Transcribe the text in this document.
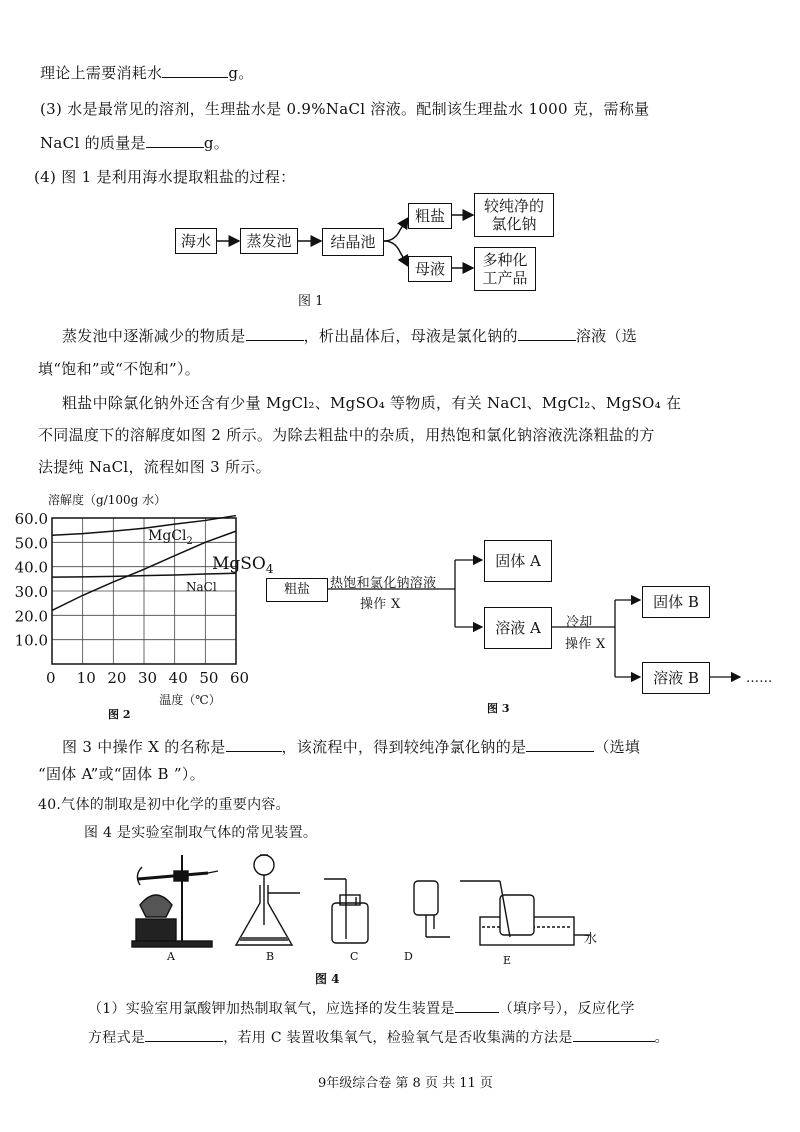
理论上需要消耗水	g。
(3) 水是最常见的溶剂，生理盐水是 0.9%NaCl 溶液。配制该生理盐水 1000 克，需称量
NaCl 的质量是	g。
(4) 图 1 是利用海水提取粗盐的过程：
海水	蒸发池	结晶池
粗盐
母液
较纯净的
氯化钠
多种化
工产品
图 1
蒸发池中逐渐减少的物质是	，析出晶体后，母液是氯化钠的	溶液（选
填“饱和”或“不饱和”）。
粗盐中除氯化钠外还含有少量 MgCl₂、MgSO₄ 等物质，有关 NaCl、MgCl₂、MgSO₄ 在
不同温度下的溶解度如图 2 所示。为除去粗盐中的杂质，用热饱和氯化钠溶液洗涤粗盐的方
法提纯 NaCl，流程如图 3 所示。
溶解度（g/100g 水）
0 10 20 30 40 50 60
10.0
20.0
30.0
40.0
50.0
60.0
MgCl$_2$
MgSO$_4$
NaCl
温度（℃）
图 2
粗盐
固体 A
溶液 A
固体 B
溶液 B
热饱和氯化钠溶液
操作 X
冷却
操作 X
……
图 3
图 3 中操作 X 的名称是	，该流程中，得到较纯净氯化钠的是	（选填
“固体 A”或“固体 B ”）。
40.气体的制取是初中化学的重要内容。
图 4 是实验室制取气体的常见装置。
A	B	C	D	E
水
图 4
（1）实验室用氯酸钾加热制取氧气，应选择的发生装置是	（填序号），反应化学
方程式是	，若用 C 装置收集氧气，检验氧气是否收集满的方法是	。
9年级综合卷 第 8 页 共 11 页
